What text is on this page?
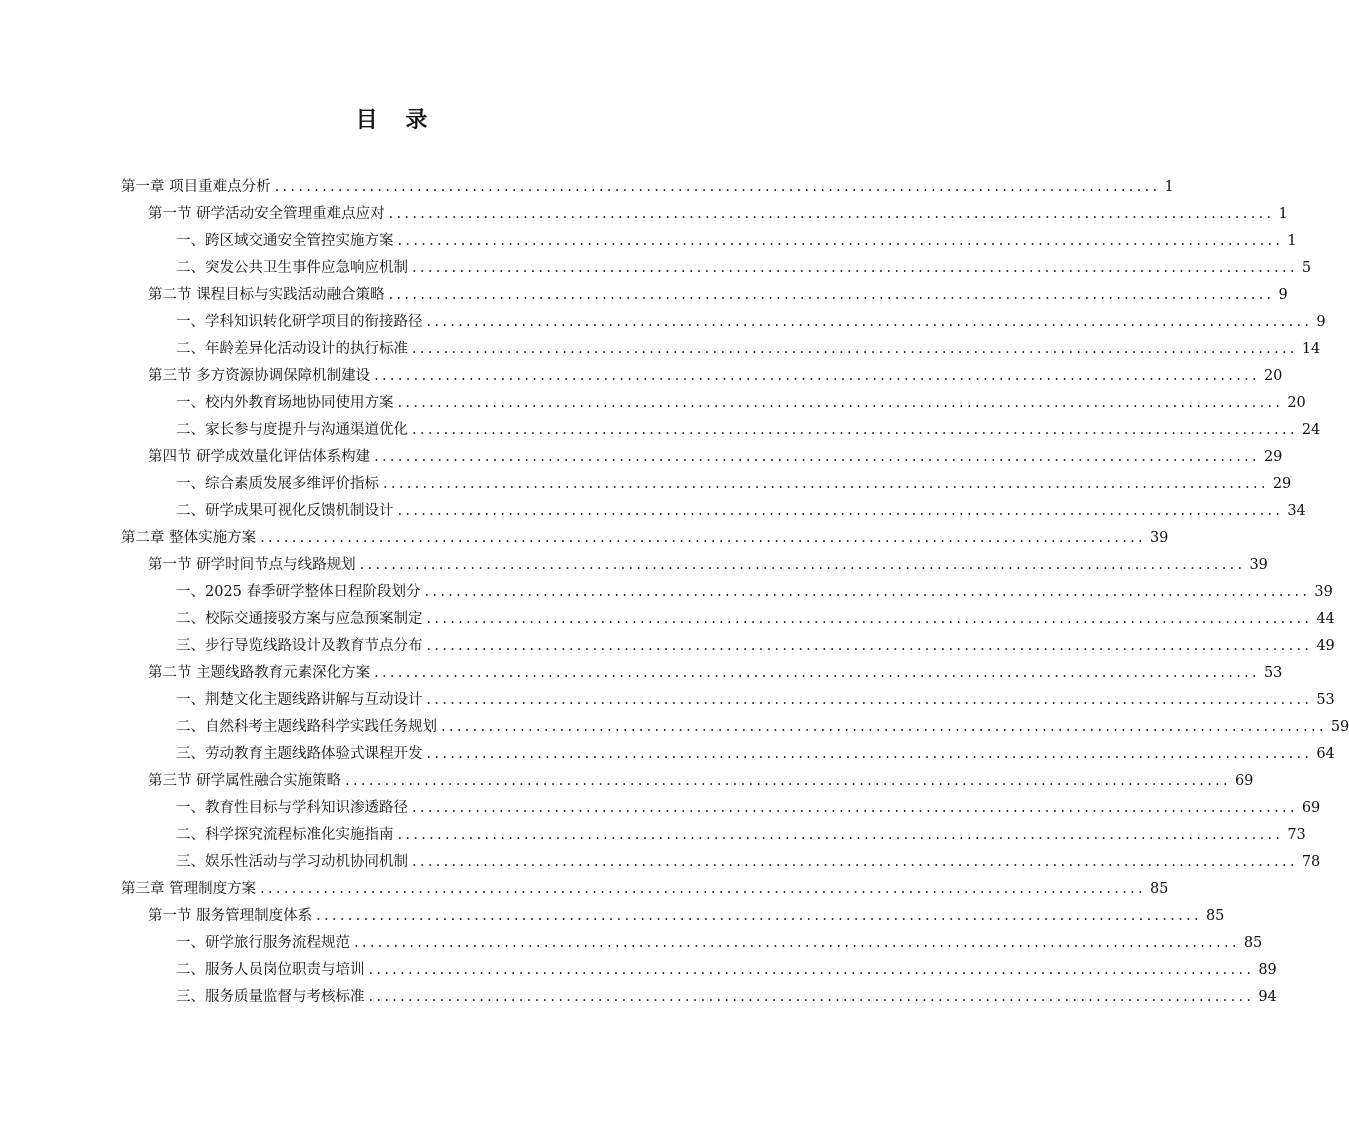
目 录
第一章 项目重难点分析 ................................................................................................................ 1
第一节 研学活动安全管理重难点应对 ................................................................................................................ 1
一、跨区域交通安全管控实施方案 ................................................................................................................ 1
二、突发公共卫生事件应急响应机制 ................................................................................................................ 5
第二节 课程目标与实践活动融合策略 ................................................................................................................ 9
一、学科知识转化研学项目的衔接路径 ................................................................................................................ 9
二、年龄差异化活动设计的执行标准 ................................................................................................................ 14
第三节 多方资源协调保障机制建设 ................................................................................................................ 20
一、校内外教育场地协同使用方案 ................................................................................................................ 20
二、家长参与度提升与沟通渠道优化 ................................................................................................................ 24
第四节 研学成效量化评估体系构建 ................................................................................................................ 29
一、综合素质发展多维评价指标 ................................................................................................................ 29
二、研学成果可视化反馈机制设计 ................................................................................................................ 34
第二章 整体实施方案 ................................................................................................................ 39
第一节 研学时间节点与线路规划 ................................................................................................................ 39
一、2025 春季研学整体日程阶段划分 ................................................................................................................ 39
二、校际交通接驳方案与应急预案制定 ................................................................................................................ 44
三、步行导览线路设计及教育节点分布 ................................................................................................................ 49
第二节 主题线路教育元素深化方案 ................................................................................................................ 53
一、荆楚文化主题线路讲解与互动设计 ................................................................................................................ 53
二、自然科考主题线路科学实践任务规划 ................................................................................................................ 59
三、劳动教育主题线路体验式课程开发 ................................................................................................................ 64
第三节 研学属性融合实施策略 ................................................................................................................ 69
一、教育性目标与学科知识渗透路径 ................................................................................................................ 69
二、科学探究流程标准化实施指南 ................................................................................................................ 73
三、娱乐性活动与学习动机协同机制 ................................................................................................................ 78
第三章 管理制度方案 ................................................................................................................ 85
第一节 服务管理制度体系 ................................................................................................................ 85
一、研学旅行服务流程规范 ................................................................................................................ 85
二、服务人员岗位职责与培训 ................................................................................................................ 89
三、服务质量监督与考核标准 ................................................................................................................ 94
